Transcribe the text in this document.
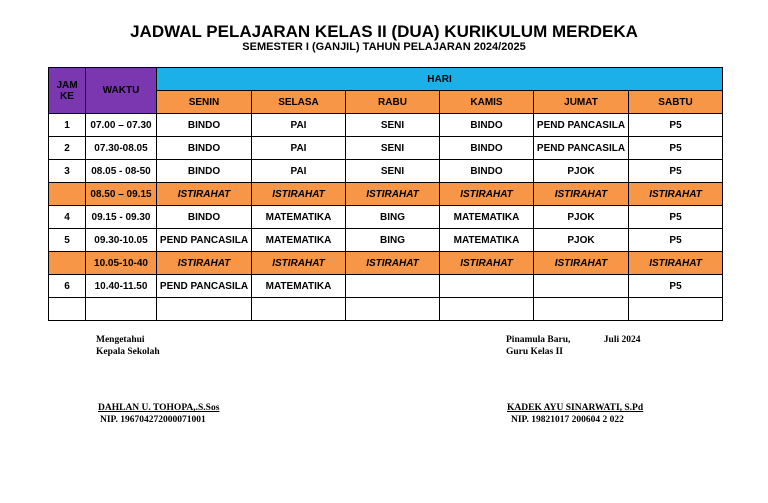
JADWAL PELAJARAN KELAS II (DUA) KURIKULUM MERDEKA
SEMESTER I (GANJIL) TAHUN PELAJARAN 2024/2025
JAM KE	WAKTU	HARI					
		SENIN	SELASA	RABU	KAMIS	JUMAT	SABTU
1	07.00 – 07.30	BINDO	PAI	SENI	BINDO	PEND PANCASILA	P5
2	07.30-08.05	BINDO	PAI	SENI	BINDO	PEND PANCASILA	P5
3	08.05 - 08-50	BINDO	PAI	SENI	BINDO	PJOK	P5
	08.50 – 09.15	ISTIRAHAT	ISTIRAHAT	ISTIRAHAT	ISTIRAHAT	ISTIRAHAT	ISTIRAHAT
4	09.15 - 09.30	BINDO	MATEMATIKA	BING	MATEMATIKA	PJOK	P5
5	09.30-10.05	PEND PANCASILA	MATEMATIKA	BING	MATEMATIKA	PJOK	P5
	10.05-10-40	ISTIRAHAT	ISTIRAHAT	ISTIRAHAT	ISTIRAHAT	ISTIRAHAT	ISTIRAHAT
6	10.40-11.50	PEND PANCASILA	MATEMATIKA				P5

Mengetahui
Kepala Sekolah
DAHLAN U. TOHOPA,.S.Sos
NIP. 196704272000071001
Pinamula Baru,	Juli 2024
Guru Kelas II
KADEK AYU SINARWATI, S.Pd
NIP. 19821017 200604 2 022
